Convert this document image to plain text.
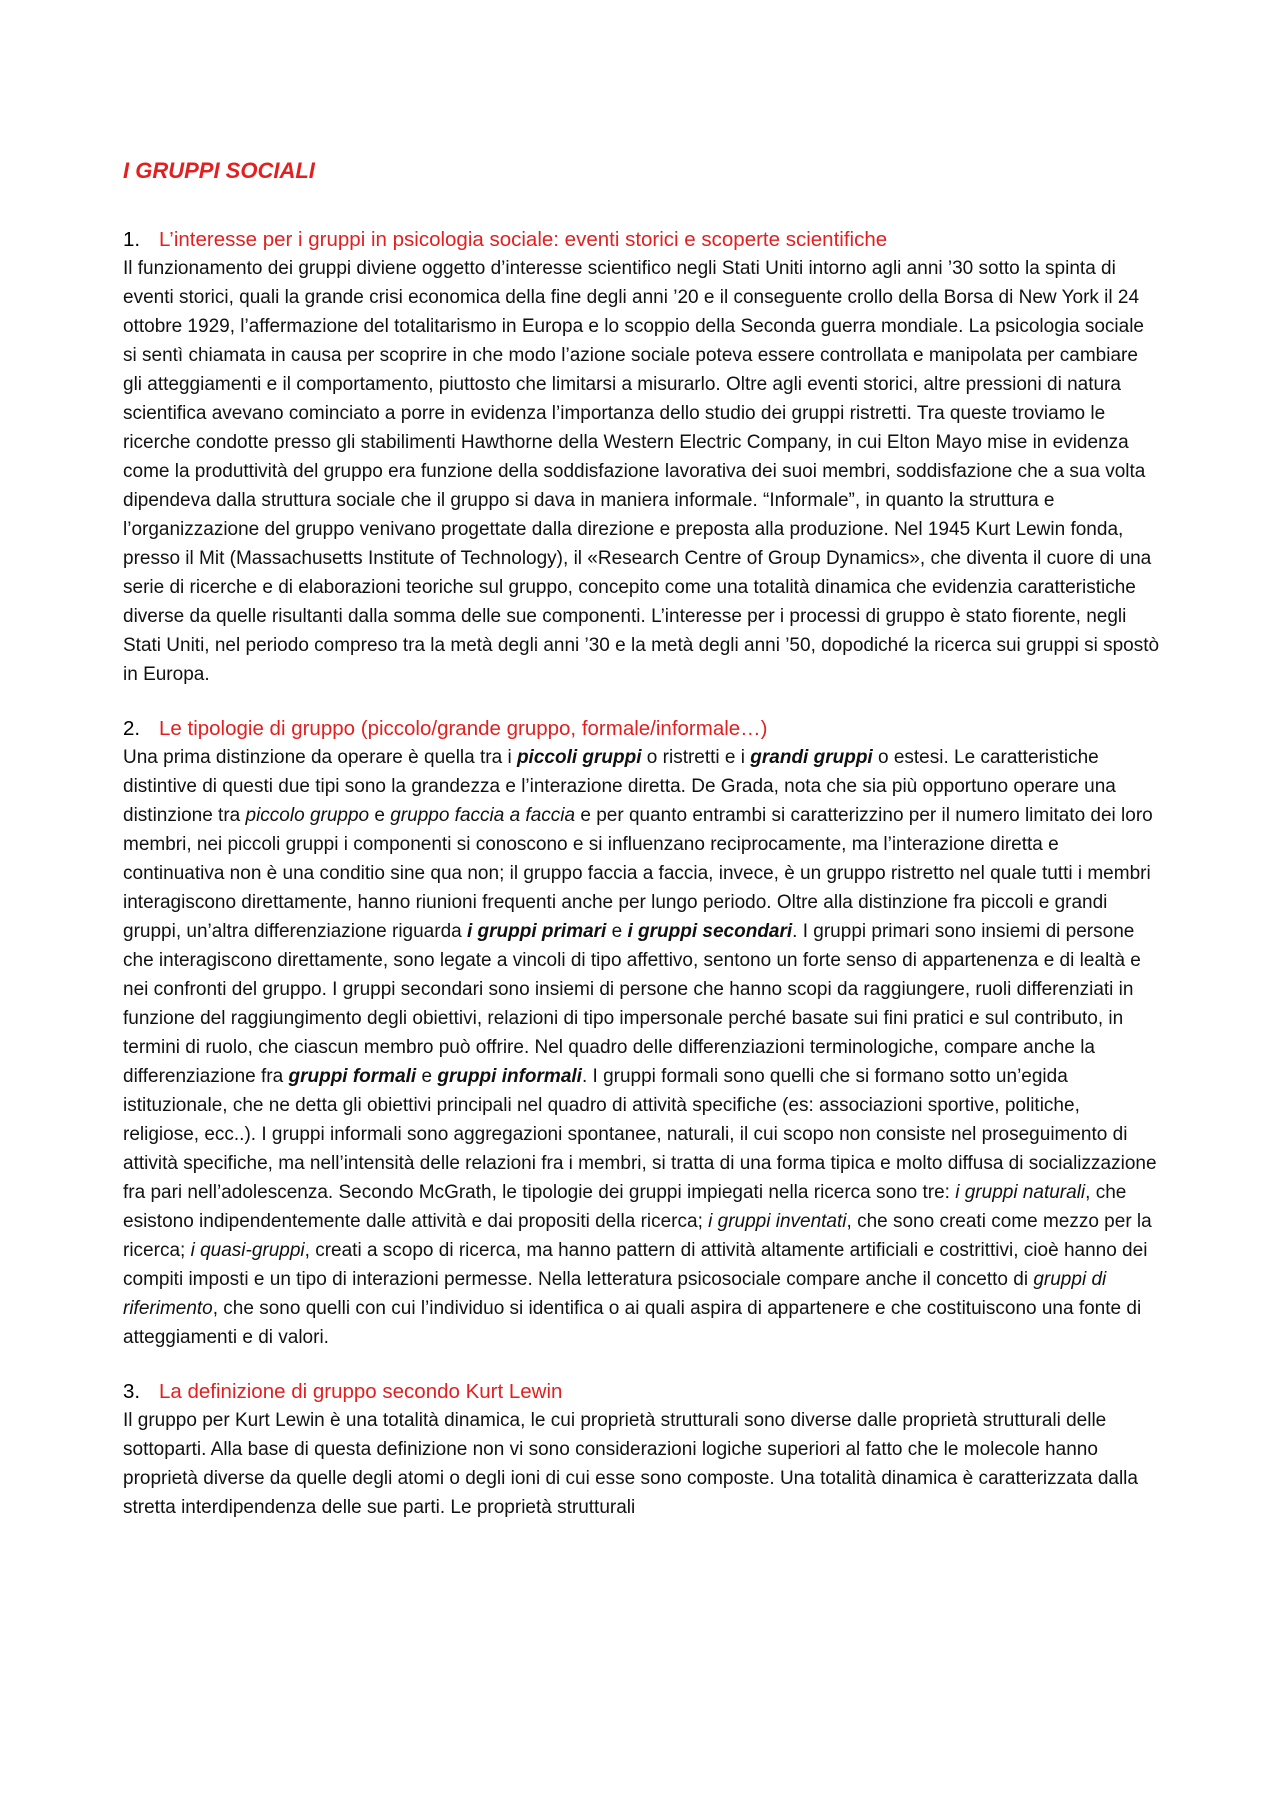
I GRUPPI SOCIALI
1. L’interesse per i gruppi in psicologia sociale: eventi storici e scoperte scientifiche

Il funzionamento dei gruppi diviene oggetto d’interesse scientifico negli Stati Uniti intorno agli anni ’30 sotto la spinta di eventi storici, quali la grande crisi economica della fine degli anni ’20 e il conseguente crollo della Borsa di New York il 24 ottobre 1929, l’affermazione del totalitarismo in Europa e lo scoppio della Seconda guerra mondiale. La psicologia sociale si sentì chiamata in causa per scoprire in che modo l’azione sociale poteva essere controllata e manipolata per cambiare gli atteggiamenti e il comportamento, piuttosto che limitarsi a misurarlo. Oltre agli eventi storici, altre pressioni di natura scientifica avevano cominciato a porre in evidenza l’importanza dello studio dei gruppi ristretti. Tra queste troviamo le ricerche condotte presso gli stabilimenti Hawthorne della Western Electric Company, in cui Elton Mayo mise in evidenza come la produttività del gruppo era funzione della soddisfazione lavorativa dei suoi membri, soddisfazione che a sua volta dipendeva dalla struttura sociale che il gruppo si dava in maniera informale. “Informale”, in quanto la struttura e l’organizzazione del gruppo venivano progettate dalla direzione e preposta alla produzione. Nel 1945 Kurt Lewin fonda, presso il Mit (Massachusetts Institute of Technology), il «Research Centre of Group Dynamics», che diventa il cuore di una serie di ricerche e di elaborazioni teoriche sul gruppo, concepito come una totalità dinamica che evidenzia caratteristiche diverse da quelle risultanti dalla somma delle sue componenti. L’interesse per i processi di gruppo è stato fiorente, negli Stati Uniti, nel periodo compreso tra la metà degli anni ’30 e la metà degli anni ’50, dopodiché la ricerca sui gruppi si spostò in Europa.

2. Le tipologie di gruppo (piccolo/grande gruppo, formale/informale…)

Una prima distinzione da operare è quella tra i piccoli gruppi o ristretti e i grandi gruppi o estesi. Le caratteristiche distintive di questi due tipi sono la grandezza e l’interazione diretta. De Grada, nota che sia più opportuno operare una distinzione tra piccolo gruppo e gruppo faccia a faccia e per quanto entrambi si caratterizzino per il numero limitato dei loro membri, nei piccoli gruppi i componenti si conoscono e si influenzano reciprocamente, ma l’interazione diretta e continuativa non è una conditio sine qua non; il gruppo faccia a faccia, invece, è un gruppo ristretto nel quale tutti i membri interagiscono direttamente, hanno riunioni frequenti anche per lungo periodo. Oltre alla distinzione fra piccoli e grandi gruppi, un’altra differenziazione riguarda i gruppi primari e i gruppi secondari. I gruppi primari sono insiemi di persone che interagiscono direttamente, sono legate a vincoli di tipo affettivo, sentono un forte senso di appartenenza e di lealtà e nei confronti del gruppo. I gruppi secondari sono insiemi di persone che hanno scopi da raggiungere, ruoli differenziati in funzione del raggiungimento degli obiettivi, relazioni di tipo impersonale perché basate sui fini pratici e sul contributo, in termini di ruolo, che ciascun membro può offrire. Nel quadro delle differenziazioni terminologiche, compare anche la differenziazione fra gruppi formali e gruppi informali. I gruppi formali sono quelli che si formano sotto un’egida istituzionale, che ne detta gli obiettivi principali nel quadro di attività specifiche (es: associazioni sportive, politiche, religiose, ecc..). I gruppi informali sono aggregazioni spontanee, naturali, il cui scopo non consiste nel proseguimento di attività specifiche, ma nell’intensità delle relazioni fra i membri, si tratta di una forma tipica e molto diffusa di socializzazione fra pari nell’adolescenza. Secondo McGrath, le tipologie dei gruppi impiegati nella ricerca sono tre: i gruppi naturali, che esistono indipendentemente dalle attività e dai propositi della ricerca; i gruppi inventati, che sono creati come mezzo per la ricerca; i quasi-gruppi, creati a scopo di ricerca, ma hanno pattern di attività altamente artificiali e costrittivi, cioè hanno dei compiti imposti e un tipo di interazioni permesse. Nella letteratura psicosociale compare anche il concetto di gruppi di riferimento, che sono quelli con cui l’individuo si identifica o ai quali aspira di appartenere e che costituiscono una fonte di atteggiamenti e di valori.

3. La definizione di gruppo secondo Kurt Lewin

Il gruppo per Kurt Lewin è una totalità dinamica, le cui proprietà strutturali sono diverse dalle proprietà strutturali delle sottoparti. Alla base di questa definizione non vi sono considerazioni logiche superiori al fatto che le molecole hanno proprietà diverse da quelle degli atomi o degli ioni di cui esse sono composte. Una totalità dinamica è caratterizzata dalla stretta interdipendenza delle sue parti. Le proprietà strutturali
